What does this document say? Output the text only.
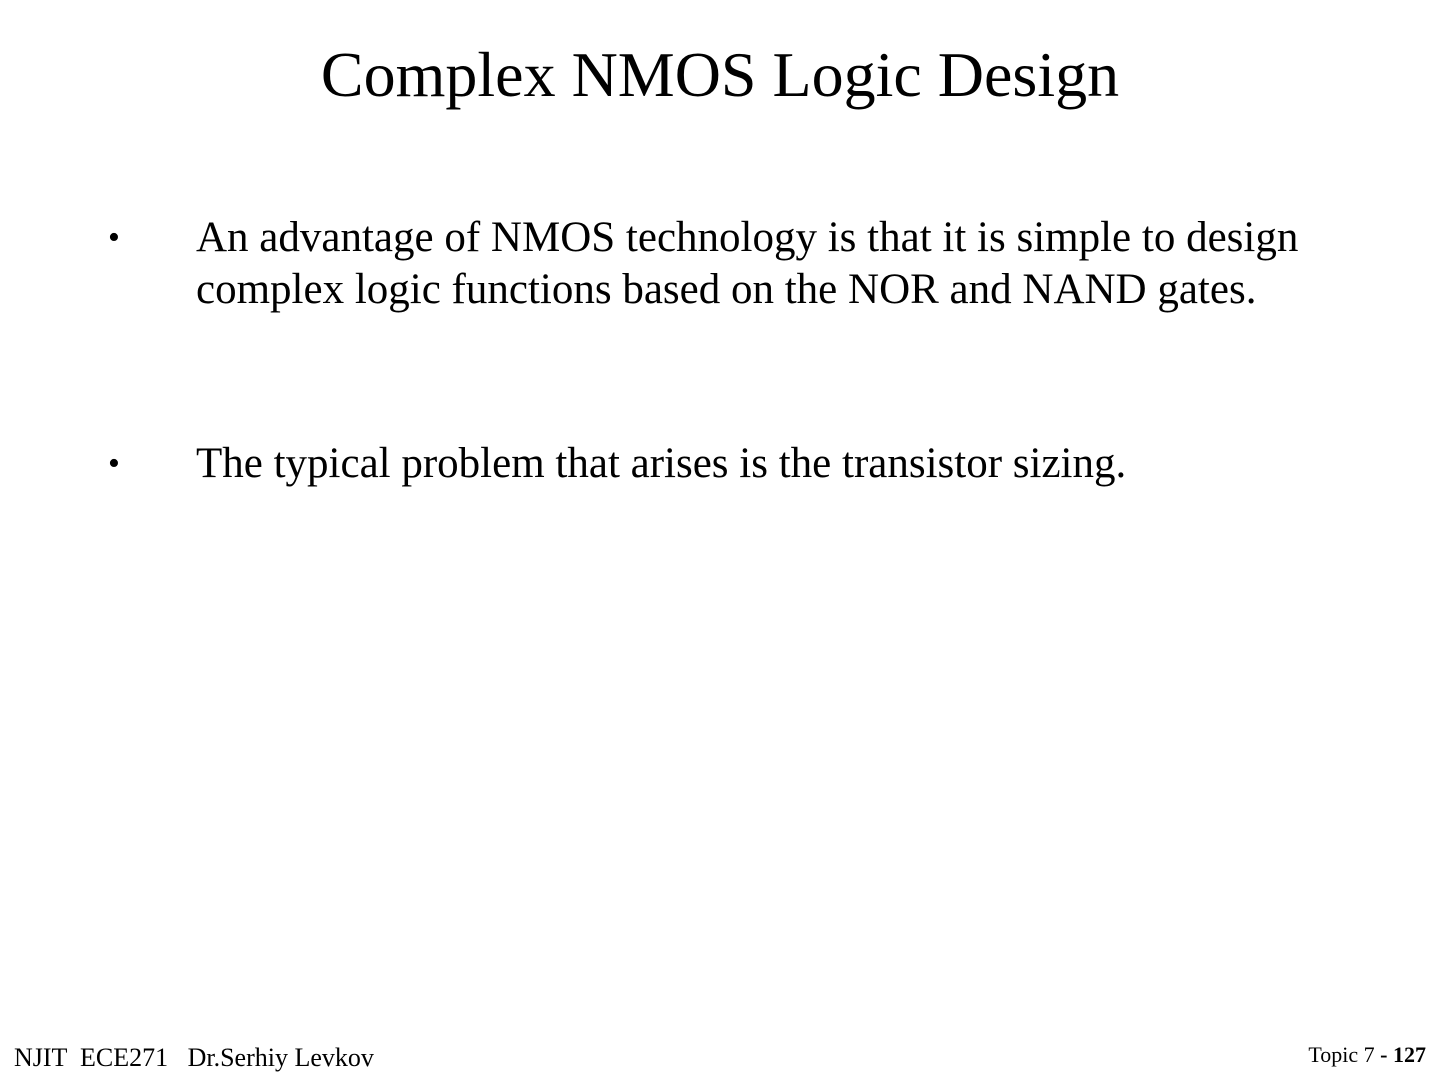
Complex NMOS Logic Design
• An advantage of NMOS technology is that it is simple to design complex logic functions based on the NOR and NAND gates.
• The typical problem that arises is the transistor sizing.
NJIT  ECE271   Dr.Serhiy Levkov	Topic 7 - 127
